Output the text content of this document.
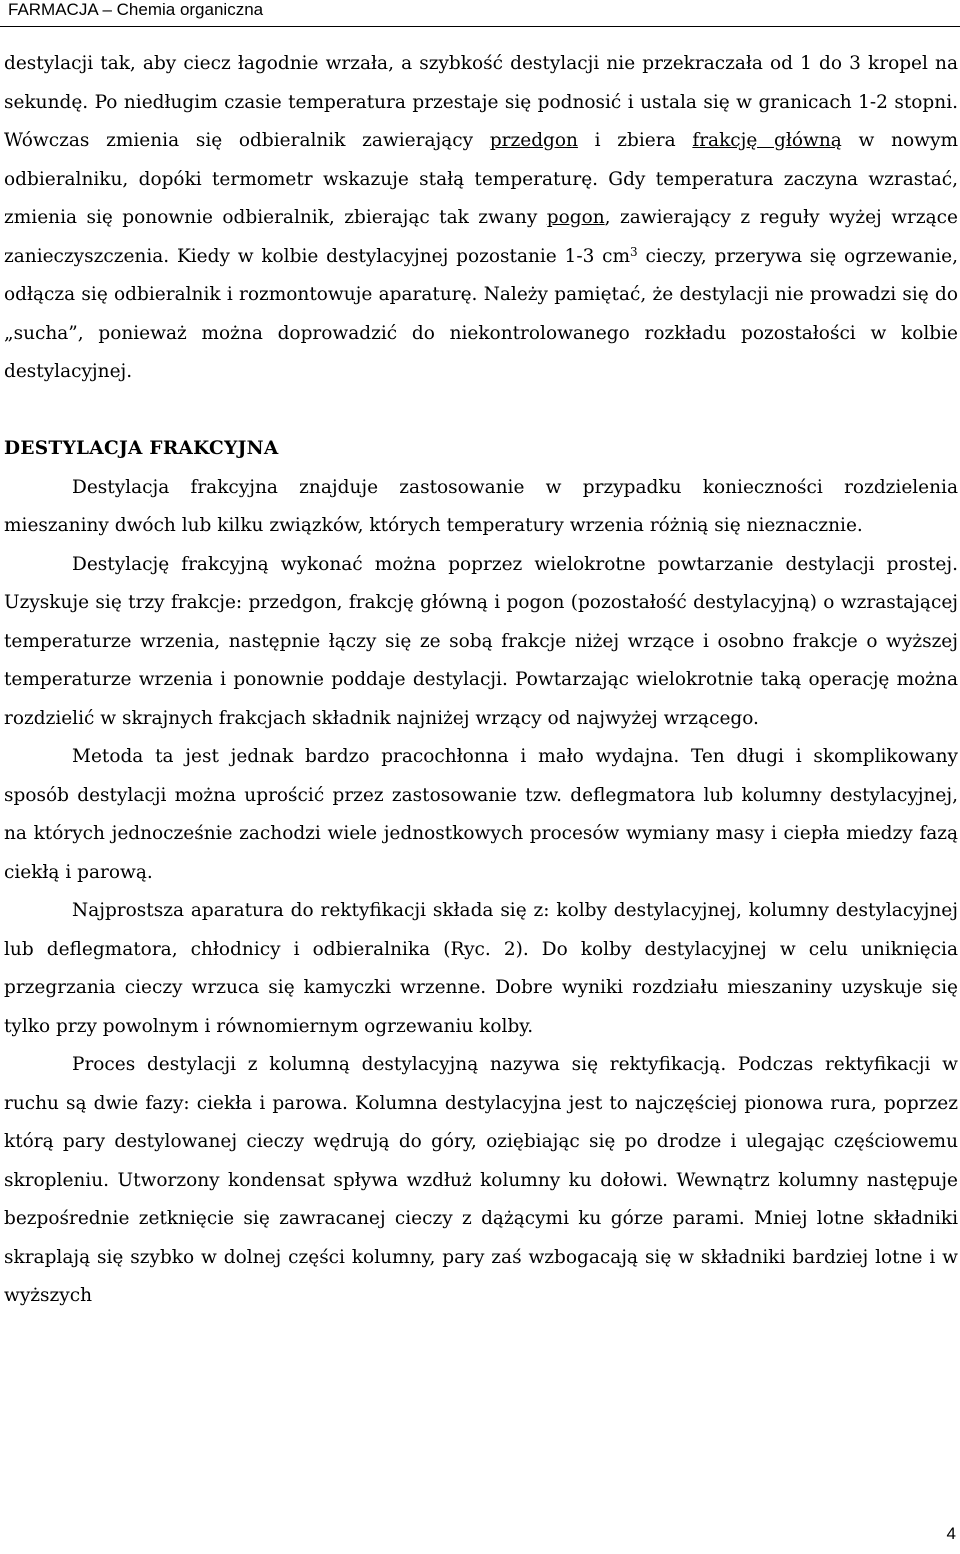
FARMACJA – Chemia organiczna

destylacji tak, aby ciecz łagodnie wrzała, a szybkość destylacji nie przekraczała od 1 do 3 kropel na sekundę. Po niedługim czasie temperatura przestaje się podnosić i ustala się w granicach 1-2 stopni. Wówczas zmienia się odbieralnik zawierający przedgon i zbiera frakcję główną w nowym odbieralniku, dopóki termometr wskazuje stałą temperaturę. Gdy temperatura zaczyna wzrastać, zmienia się ponownie odbieralnik, zbierając tak zwany pogon, zawierający z reguły wyżej wrzące zanieczyszczenia. Kiedy w kolbie destylacyjnej pozostanie 1-3 $cm^3$ cieczy, przerywa się ogrzewanie, odłącza się odbieralnik i rozmontowuje aparaturę. Należy pamiętać, że destylacji nie prowadzi się do „sucha”, ponieważ można doprowadzić do niekontrolowanego rozkładu pozostałości w kolbie destylacyjnej.

DESTYLACJA FRAKCYJNA

Destylacja frakcyjna znajduje zastosowanie w przypadku konieczności rozdzielenia mieszaniny dwóch lub kilku związków, których temperatury wrzenia różnią się nieznacznie.

Destylację frakcyjną wykonać można poprzez wielokrotne powtarzanie destylacji prostej. Uzyskuje się trzy frakcje: przedgon, frakcję główną i pogon (pozostałość destylacyjną) o wzrastającej temperaturze wrzenia, następnie łączy się ze sobą frakcje niżej wrzące i osobno frakcje o wyższej temperaturze wrzenia i ponownie poddaje destylacji. Powtarzając wielokrotnie taką operację można rozdzielić w skrajnych frakcjach składnik najniżej wrzący od najwyżej wrzącego.

Metoda ta jest jednak bardzo pracochłonna i mało wydajna. Ten długi i skomplikowany sposób destylacji można uprościć przez zastosowanie tzw. deflegmatora lub kolumny destylacyjnej, na których jednocześnie zachodzi wiele jednostkowych procesów wymiany masy i ciepła miedzy fazą ciekłą i parową.

Najprostsza aparatura do rektyfikacji składa się z: kolby destylacyjnej, kolumny destylacyjnej lub deflegmatora, chłodnicy i odbieralnika (Ryc. 2). Do kolby destylacyjnej w celu uniknięcia przegrzania cieczy wrzuca się kamyczki wrzenne. Dobre wyniki rozdziału mieszaniny uzyskuje się tylko przy powolnym i równomiernym ogrzewaniu kolby.

Proces destylacji z kolumną destylacyjną nazywa się rektyfikacją. Podczas rektyfikacji w ruchu są dwie fazy: ciekła i parowa. Kolumna destylacyjna jest to najczęściej pionowa rura, poprzez którą pary destylowanej cieczy wędrują do góry, oziębiając się po drodze i ulegając częściowemu skropleniu. Utworzony kondensat spływa wzdłuż kolumny ku dołowi. Wewnątrz kolumny następuje bezpośrednie zetknięcie się zawracanej cieczy z dążącymi ku górze parami. Mniej lotne składniki skraplają się szybko w dolnej części kolumny, pary zaś wzbogacają się w składniki bardziej lotne i w wyższych

4
